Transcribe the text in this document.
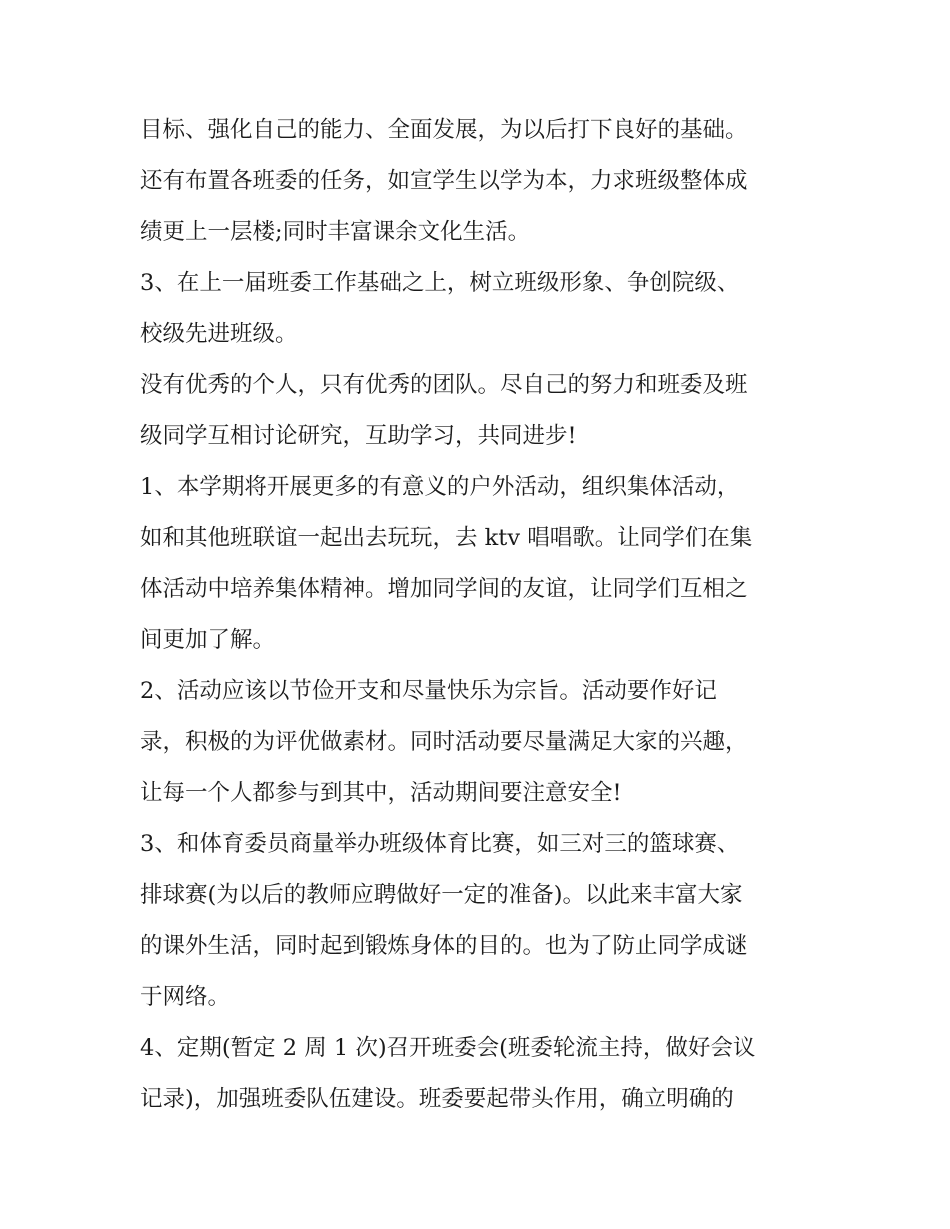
目标、强化自己的能力、全面发展，为以后打下良好的基础。
还有布置各班委的任务，如宣学生以学为本，力求班级整体成
绩更上一层楼;同时丰富课余文化生活。
3、在上一届班委工作基础之上，树立班级形象、争创院级、
校级先进班级。
没有优秀的个人，只有优秀的团队。尽自己的努力和班委及班
级同学互相讨论研究，互助学习，共同进步!
1、本学期将开展更多的有意义的户外活动，组织集体活动，
如和其他班联谊一起出去玩玩，去 ktv 唱唱歌。让同学们在集
体活动中培养集体精神。增加同学间的友谊，让同学们互相之
间更加了解。
2、活动应该以节俭开支和尽量快乐为宗旨。活动要作好记
录，积极的为评优做素材。同时活动要尽量满足大家的兴趣，
让每一个人都参与到其中，活动期间要注意安全!
3、和体育委员商量举办班级体育比赛，如三对三的篮球赛、
排球赛(为以后的教师应聘做好一定的准备)。以此来丰富大家
的课外生活，同时起到锻炼身体的目的。也为了防止同学成谜
于网络。
4、定期(暂定 2 周 1 次)召开班委会(班委轮流主持，做好会议
记录)，加强班委队伍建设。班委要起带头作用，确立明确的
